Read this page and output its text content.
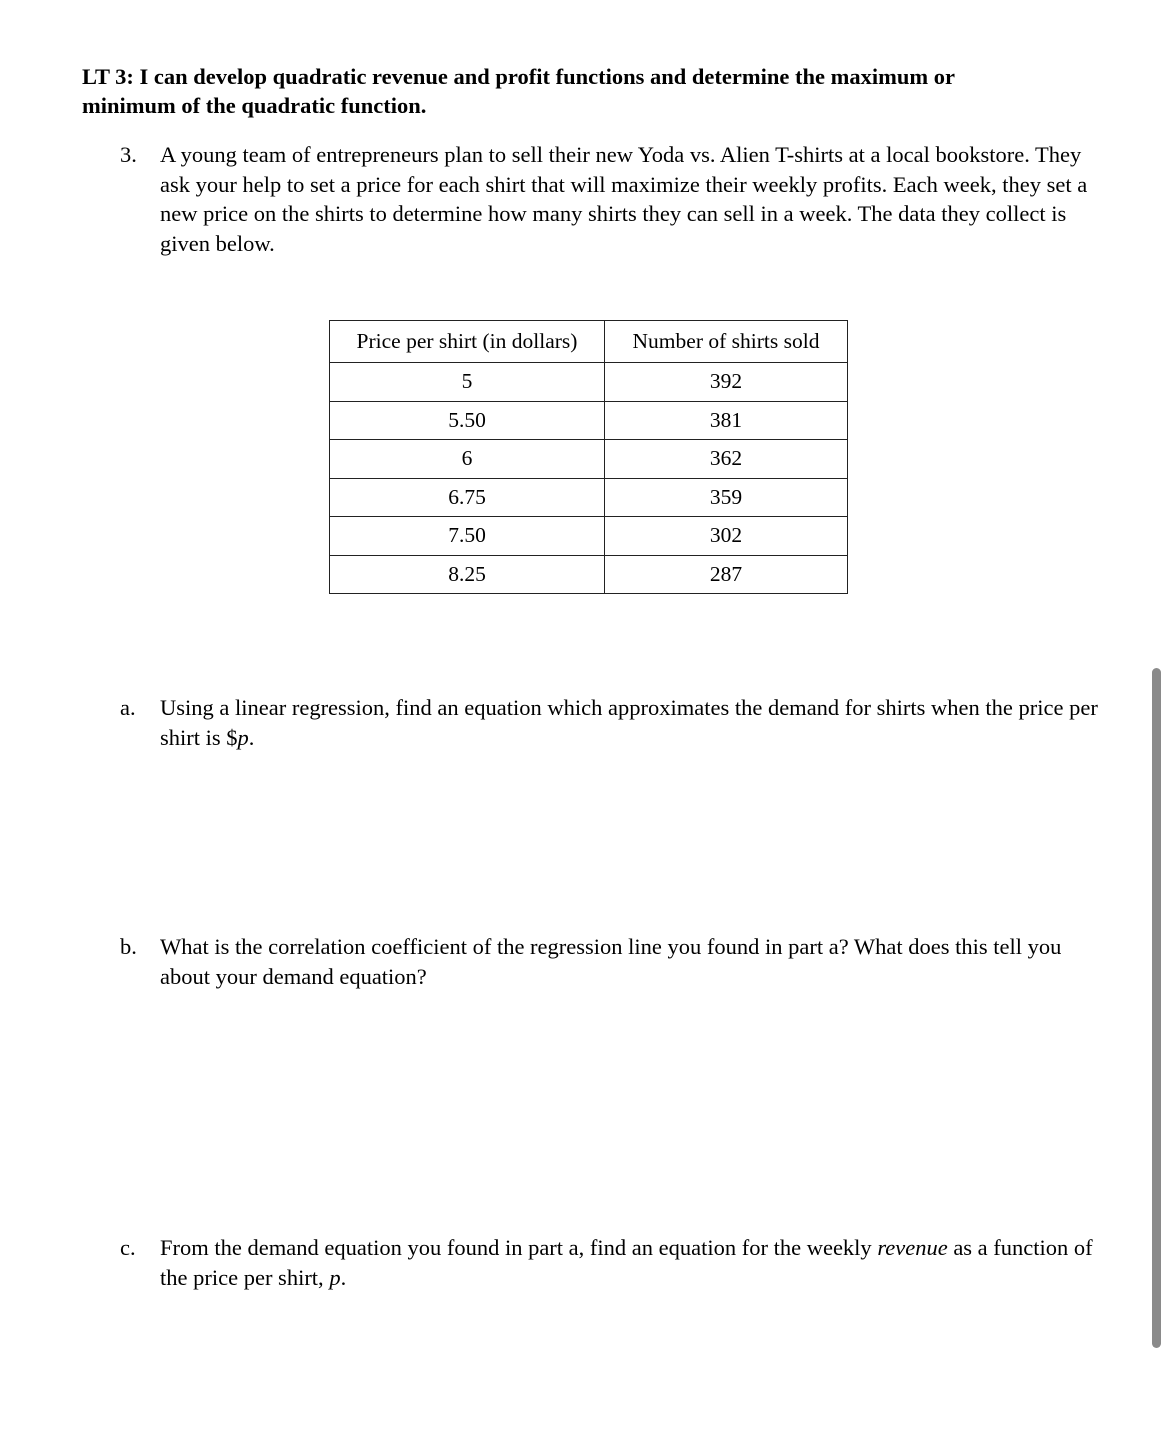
LT 3: I can develop quadratic revenue and profit functions and determine the maximum or
minimum of the quadratic function.
3. A young team of entrepreneurs plan to sell their new Yoda vs. Alien T-shirts at a local bookstore. They ask your help to set a price for each shirt that will maximize their weekly profits. Each week, they set a new price on the shirts to determine how many shirts they can sell in a week. The data they collect is given below.
Price per shirt (in dollars)	Number of shirts sold
5	392
5.50	381
6	362
6.75	359
7.50	302
8.25	287
a. Using a linear regression, find an equation which approximates the demand for shirts when the price per shirt is $p.
b. What is the correlation coefficient of the regression line you found in part a? What does this tell you about your demand equation?
c. From the demand equation you found in part a, find an equation for the weekly revenue as a function of the price per shirt, p.
